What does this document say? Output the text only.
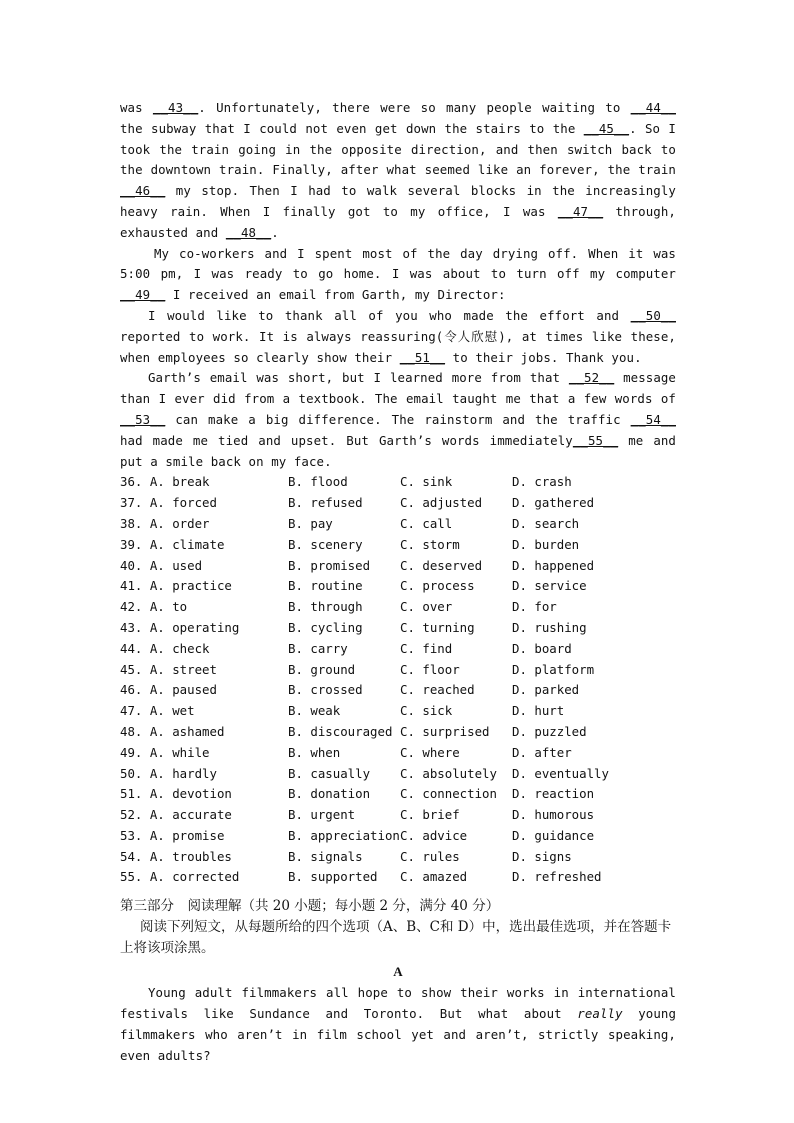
was __43__. Unfortunately, there were so many people waiting to __44__ the subway that I could not even get down the stairs to the __45__. So I took the train going in the opposite direction, and then switch back to the downtown train. Finally, after what seemed like an forever, the train __46__ my stop. Then I had to walk several blocks in the increasingly heavy rain. When I finally got to my office, I was __47__ through, exhausted and __48__.

My co-workers and I spent most of the day drying off. When it was 5:00 pm, I was ready to go home. I was about to turn off my computer __49__ I received an email from Garth, my Director:

I would like to thank all of you who made the effort and __50__ reported to work. It is always reassuring(令人欣慰), at times like these, when employees so clearly show their __51__ to their jobs. Thank you.

Garth’s email was short, but I learned more from that __52__ message than I ever did from a textbook. The email taught me that a few words of __53__ can make a big difference. The rainstorm and the traffic __54__ had made me tied and upset. But Garth’s words immediately__55__ me and put a smile back on my face.

36. A. break	B. flood	C. sink	D. crash
37. A. forced	B. refused	C. adjusted D. gathered
38. A. order	B. pay	C. call	D. search
39. A. climate	B. scenery	C. storm	D. burden
40. A. used	B. promised C. deserved D. happened
41. A. practice	B. routine	C. process	D. service
42. A. to	B. through	C. over	D. for
43. A. operating	B. cycling	C. turning	D. rushing
44. A. check	B. carry	C. find	D. board
45. A. street	B. ground	C. floor	D. platform
46. A. paused	B. crossed	C. reached	D. parked
47. A. wet	B. weak	C. sick	D. hurt
48. A. ashamed	B. discouraged C. surprised D. puzzled
49. A. while	B. when	C. where	D. after
50. A. hardly	B. casually C. absolutely D. eventually
51. A. devotion	B. donation C. connection D. reaction
52. A. accurate	B. urgent	C. brief	D. humorous
53. A. promise	B. appreciation C. advice	D. guidance
54. A. troubles	B. signals	C. rules	D. signs
55. A. corrected	B. supported C. amazed	D. refreshed
第三部分　阅读理解（共 20 小题；每小题 2 分，满分 40 分）
阅读下列短文，从每题所给的四个选项（A、B、C和 D）中，选出最佳选项，并在答题卡上将该项涂黑。
A

Young adult filmmakers all hope to show their works in international festivals like Sundance and Toronto. But what about really young filmmakers who aren’t in film school yet and aren’t, strictly speaking, even adults?
